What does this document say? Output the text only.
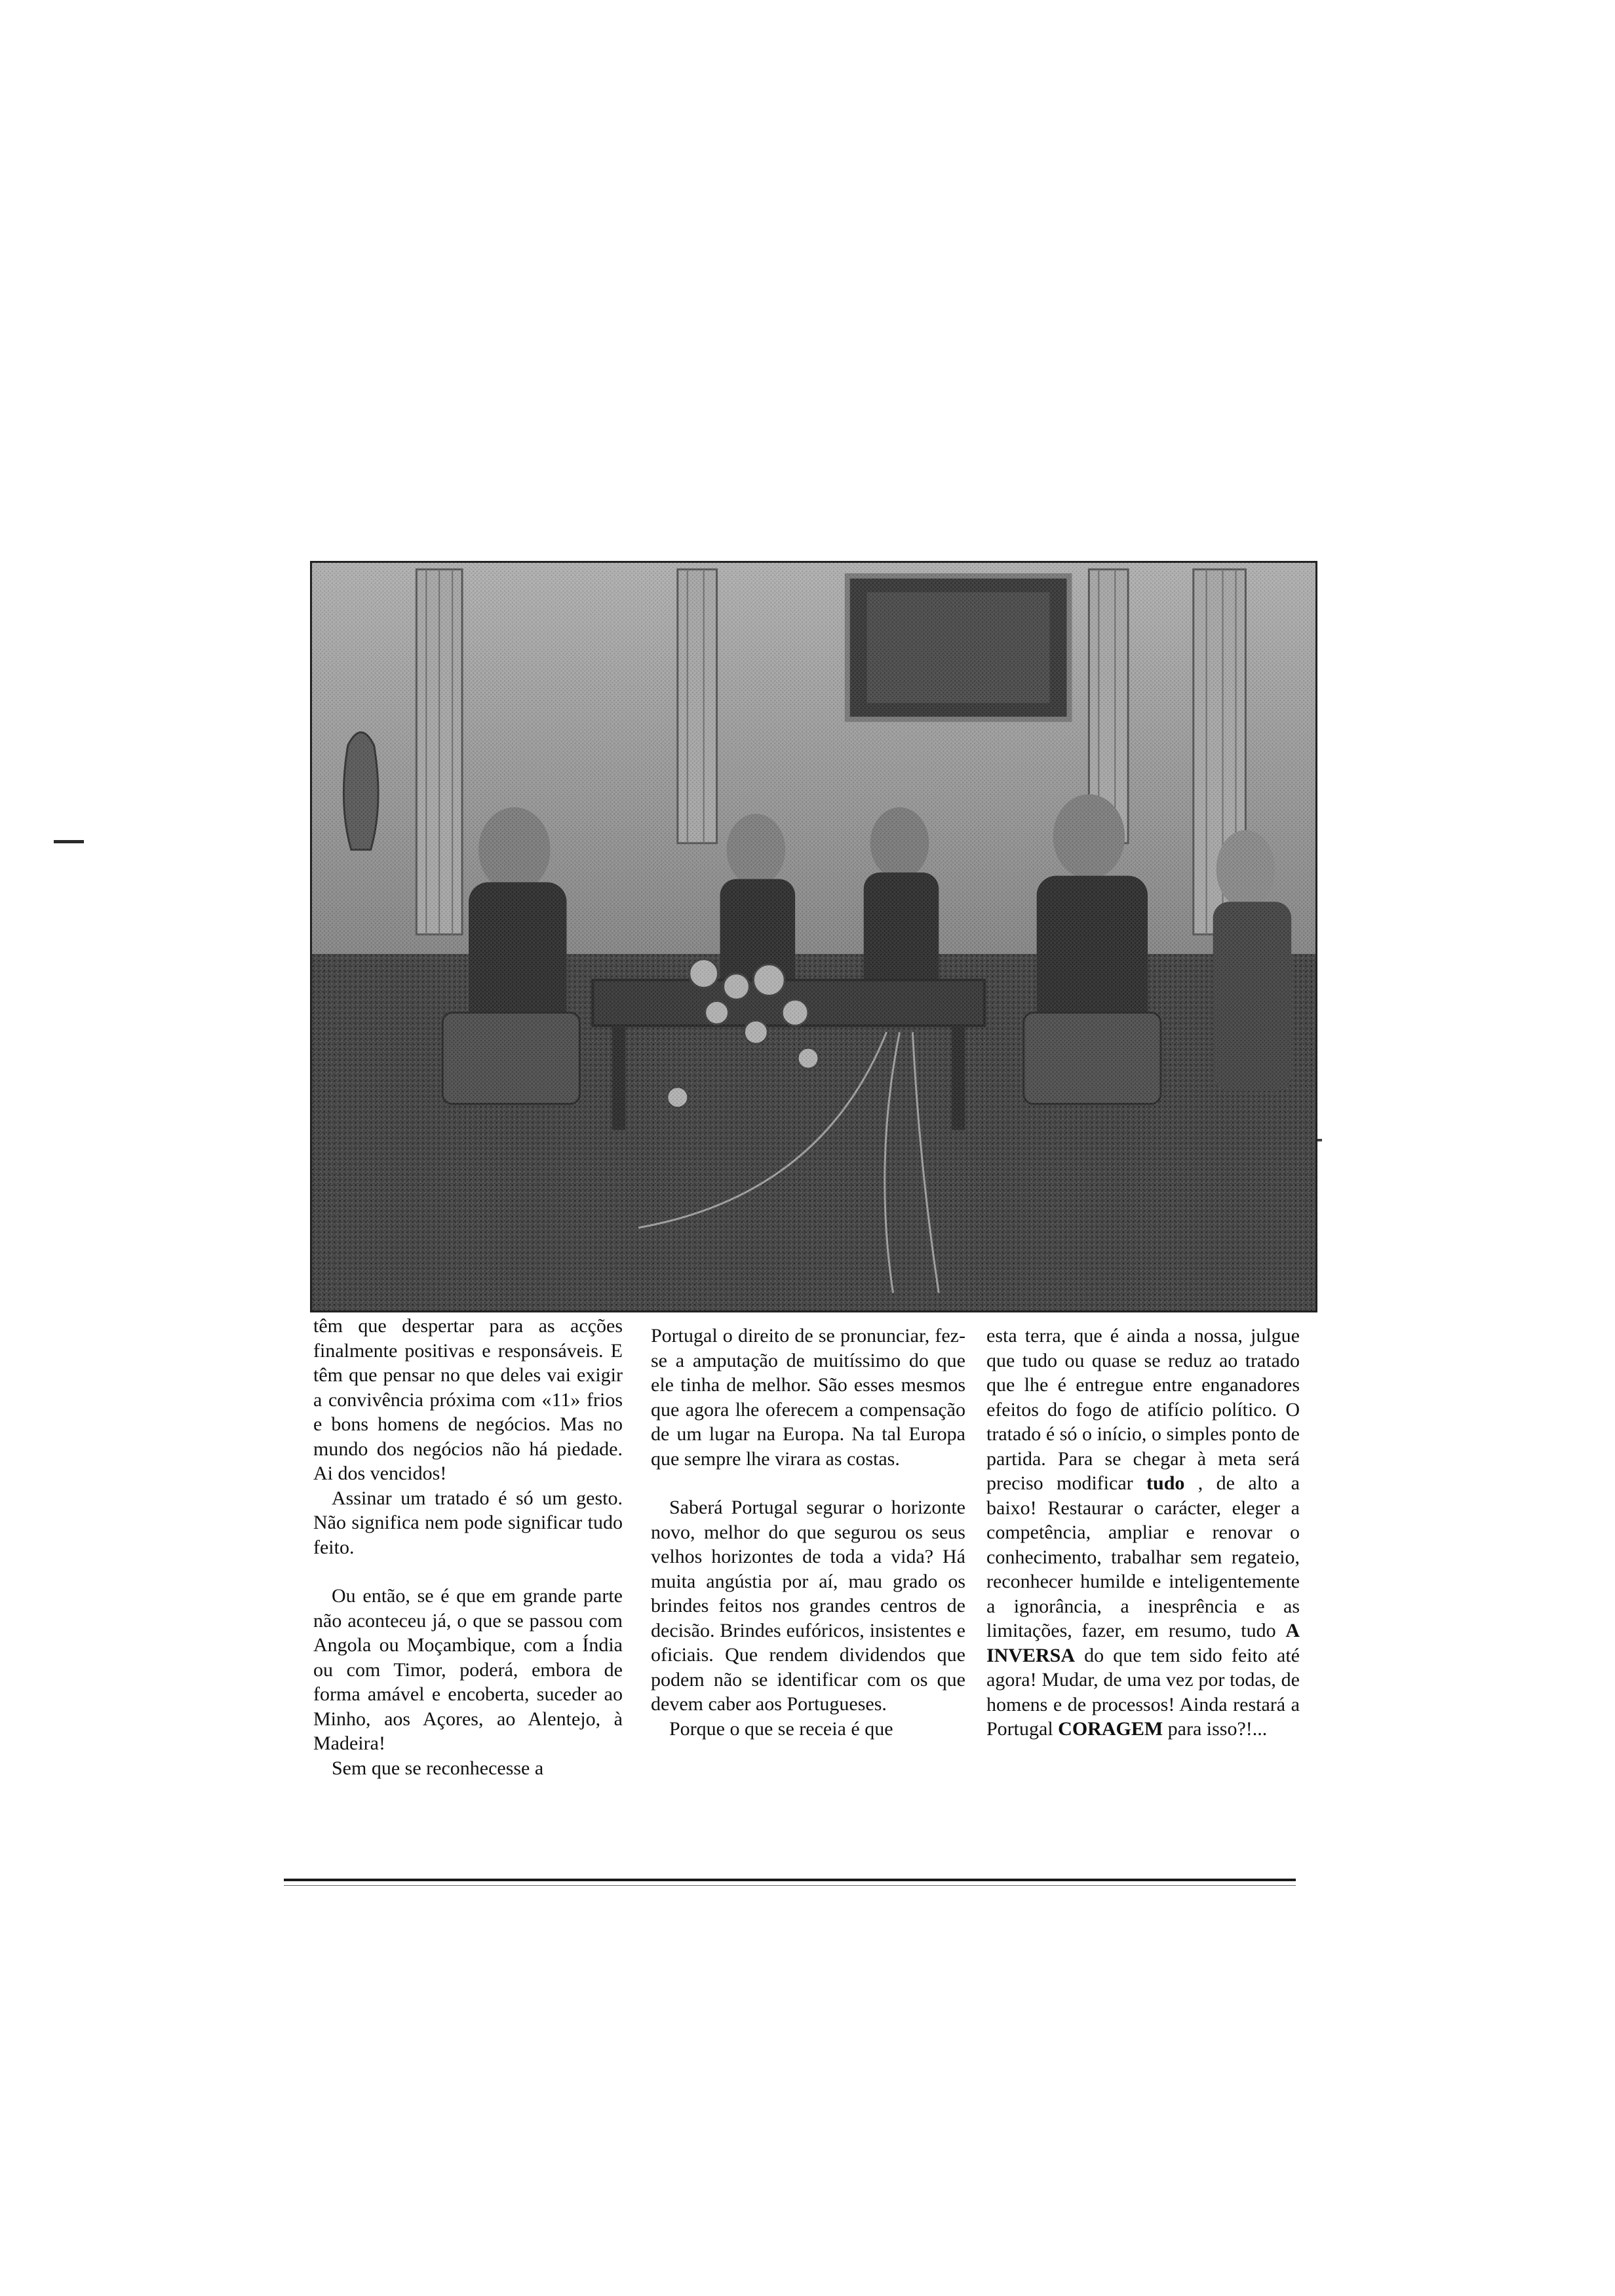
têm que despertar para as acções finalmente positivas e responsáveis. E têm que pensar no que deles vai exigir a convivência próxima com «11» frios e bons homens de negócios. Mas no mundo dos negócios não há piedade. Ai dos vencidos!

Assinar um tratado é só um gesto. Não significa nem pode significar tudo feito.

Ou então, se é que em grande parte não aconteceu já, o que se passou com Angola ou Moçambique, com a Índia ou com Timor, poderá, embora de forma amável e encoberta, suceder ao Minho, aos Açores, ao Alentejo, à Madeira!

Sem que se reconhecesse a

Portugal o direito de se pronunciar, fez-se a amputação de muitíssimo do que ele tinha de melhor. São esses mesmos que agora lhe oferecem a compensação de um lugar na Europa. Na tal Europa que sempre lhe virara as costas.

Saberá Portugal segurar o horizonte novo, melhor do que segurou os seus velhos horizontes de toda a vida? Há muita angústia por aí, mau grado os brindes feitos nos grandes centros de decisão. Brindes eufóricos, insistentes e oficiais. Que rendem dividendos que podem não se identificar com os que devem caber aos Portugueses.

Porque o que se receia é que

esta terra, que é ainda a nossa, julgue que tudo ou quase se reduz ao tratado que lhe é entregue entre enganadores efeitos do fogo de atifício político. O tratado é só o início, o simples ponto de partida. Para se chegar à meta será preciso modificar tudo , de alto a baixo! Restaurar o carácter, eleger a competência, ampliar e renovar o conhecimento, trabalhar sem regateio, reconhecer humilde e inteligentemente a ignorância, a inesprência e as limitações, fazer, em resumo, tudo A INVERSA do que tem sido feito até agora! Mudar, de uma vez por todas, de homens e de processos! Ainda restará a Portugal CORAGEM para isso?!...
